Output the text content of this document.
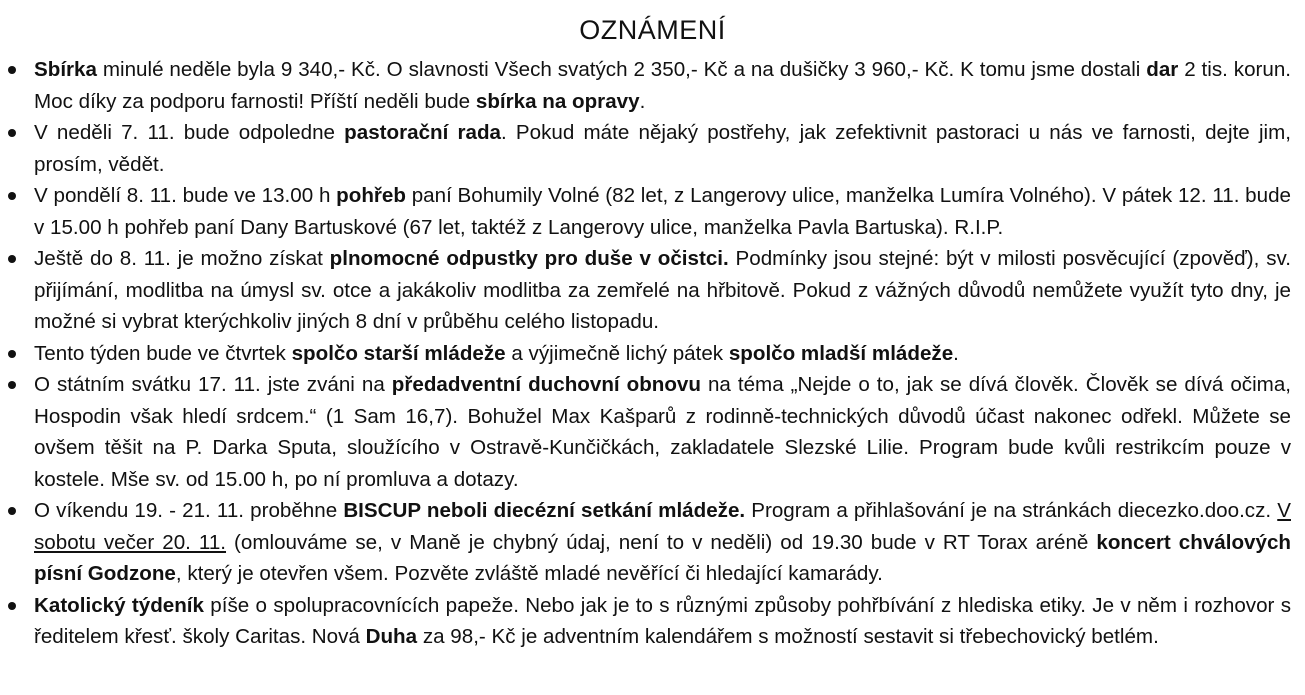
OZNÁMENÍ
Sbírka minulé neděle byla 9 340,- Kč. O slavnosti Všech svatých 2 350,- Kč a na dušičky 3 960,- Kč. K tomu jsme dostali dar 2 tis. korun. Moc díky za podporu farnosti! Příští neděli bude sbírka na opravy.
V neděli 7. 11. bude odpoledne pastorační rada. Pokud máte nějaký postřehy, jak zefektivnit pastoraci u nás ve farnosti, dejte jim, prosím, vědět.
V pondělí 8. 11. bude ve 13.00 h pohřeb paní Bohumily Volné (82 let, z Langerovy ulice, manželka Lumíra Volného). V pátek 12. 11. bude v 15.00 h pohřeb paní Dany Bartuskové (67 let, taktéž z Langerovy ulice, manželka Pavla Bartuska). R.I.P.
Ještě do 8. 11. je možno získat plnomocné odpustky pro duše v očistci. Podmínky jsou stejné: být v milosti posvěcující (zpověď), sv. přijímání, modlitba na úmysl sv. otce a jakákoliv modlitba za zemřelé na hřbitově. Pokud z vážných důvodů nemůžete využít tyto dny, je možné si vybrat kterýchkoliv jiných 8 dní v průběhu celého listopadu.
Tento týden bude ve čtvrtek spolčo starší mládeže a výjimečně lichý pátek spolčo mladší mládeže.
O státním svátku 17. 11. jste zváni na předadventní duchovní obnovu na téma „Nejde o to, jak se dívá člověk. Člověk se dívá očima, Hospodin však hledí srdcem.“ (1 Sam 16,7). Bohužel Max Kašparů z rodinně-technických důvodů účast nakonec odřekl. Můžete se ovšem těšit na P. Darka Sputa, sloužícího v Ostravě-Kunčičkách, zakladatele Slezské Lilie. Program bude kvůli restrikcím pouze v kostele. Mše sv. od 15.00 h, po ní promluva a dotazy.
O víkendu 19. - 21. 11. proběhne BISCUP neboli diecézní setkání mládeže. Program a přihlašování je na stránkách diecezko.doo.cz. V sobotu večer 20. 11. (omlouváme se, v Maně je chybný údaj, není to v neděli) od 19.30 bude v RT Torax aréně koncert chválových písní Godzone, který je otevřen všem. Pozvěte zvláště mladé nevěřící či hledající kamarády.
Katolický týdeník píše o spolupracovnících papeže. Nebo jak je to s různými způsoby pohřbívání z hlediska etiky. Je v něm i rozhovor s ředitelem křesť. školy Caritas. Nová Duha za 98,- Kč je adventním kalendářem s možností sestavit si třebechovický betlém.
